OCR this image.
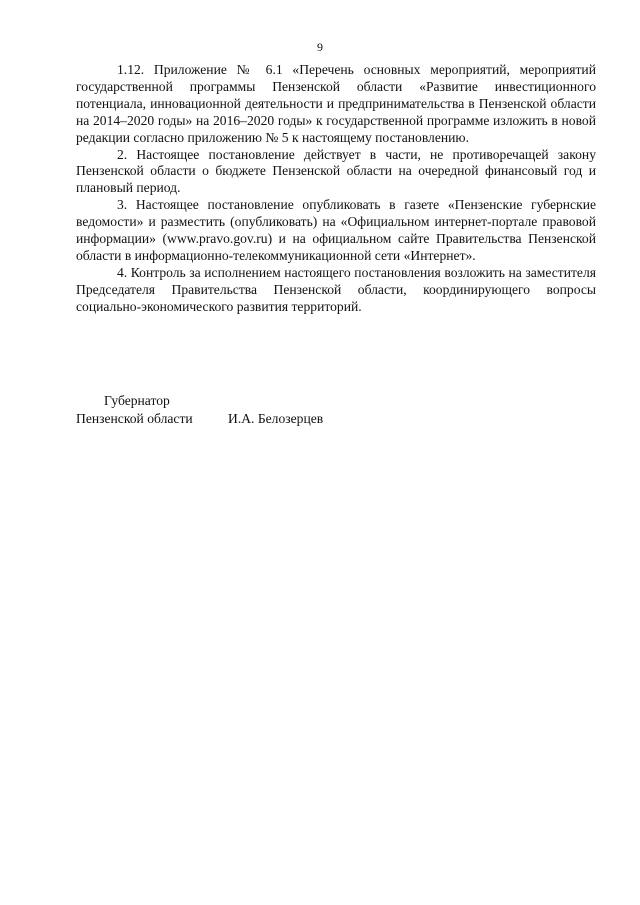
9

1.12. Приложение № 6.1 «Перечень основных мероприятий, мероприятий государственной программы Пензенской области «Развитие инвестиционного потенциала, инновационной деятельности и предпринимательства в Пензенской области на 2014–2020 годы» на 2016–2020 годы» к государственной программе изложить в новой редакции согласно приложению № 5 к настоящему постановлению.

2. Настоящее постановление действует в части, не противоречащей закону Пензенской области о бюджете Пензенской области на очередной финансовый год и плановый период.

3. Настоящее постановление опубликовать в газете «Пензенские губернские ведомости» и разместить (опубликовать) на «Официальном интернет-портале правовой информации» (www.pravo.gov.ru) и на официальном сайте Правительства Пензенской области в информационно-телекоммуникационной сети «Интернет».

4. Контроль за исполнением настоящего постановления возложить на заместителя Председателя Правительства Пензенской области, координирующего вопросы социально-экономического развития территорий.

Губернатор
Пензенской области	И.А. Белозерцев
